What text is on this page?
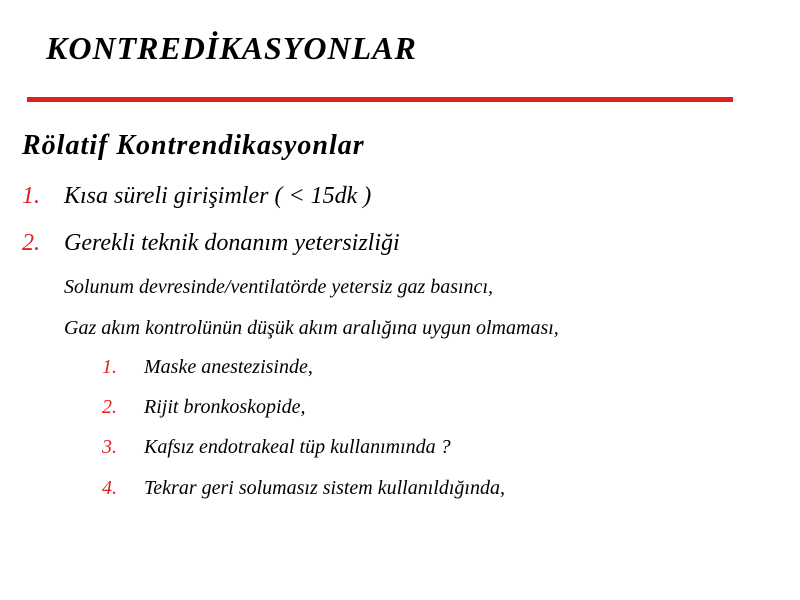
KONTREDİKASYONLAR
Rölatif Kontrendikasyonlar
1. Kısa süreli girişimler ( < 15dk )
2. Gerekli teknik donanım yetersizliği
Solunum devresinde/ventilatörde yetersiz gaz basıncı,
Gaz akım kontrolünün düşük akım aralığına uygun olmaması,
1. Maske anestezisinde,
2. Rijit bronkoskopide,
3. Kafsız endotrakeal tüp kullanımında ?
4. Tekrar geri solumasız sistem kullanıldığında,
